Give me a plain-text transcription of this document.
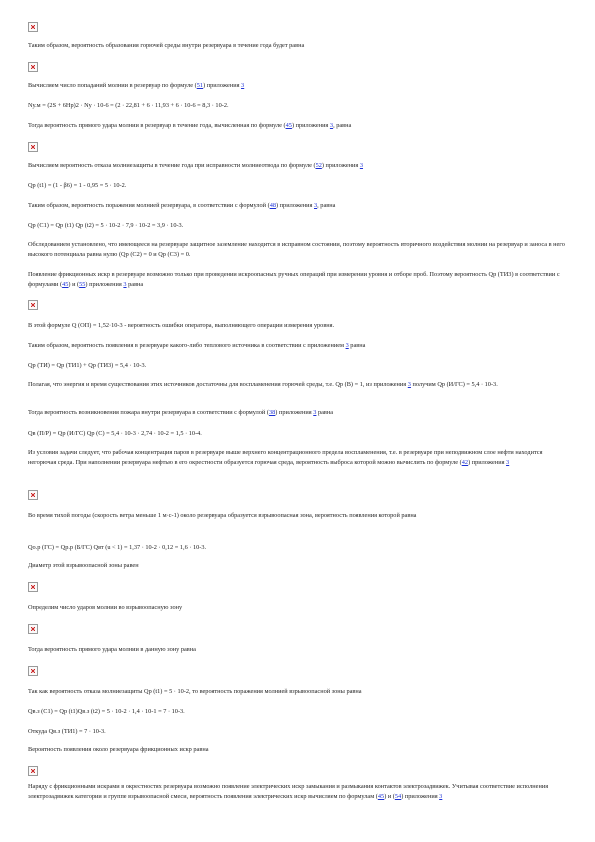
Таким образом, вероятность образования горючей среды внутри резервуара в течение года будет равна
Вычисляем число попаданий молнии в резервуар по формуле (51) приложения 3
Nу.м = (2S + 6Hр)2 · Nу · 10-6 = (2 · 22,81 + 6 · 11,93 + 6 · 10-6 = 8,3 · 10-2.
Тогда вероятность прямого удара молнии в резервуар в течение года, вычисленная по формуле (45) приложения 3, равна
Вычисляем вероятность отказа молниезащиты в течение года при исправности молниеотвода по формуле (52) приложения 3
Qр (t1) = (1 - β6) = 1 - 0,95 = 5 · 10-2.
Таким образом, вероятность поражения молнией резервуара, в соответствии с формулой (48) приложения 3, равна
Qр (С1) = Qр (t1) Qр (t2) = 5 · 10-2 · 7,9 · 10-2 = 3,9 · 10-3.
Обследованием установлено, что имеющееся на резервуаре защитное заземление находится в исправном состоянии, поэтому вероятность вторичного воздействия молнии на резервуар и заноса в него высокого потенциала равна нулю (Qр (С2) = 0 и Qр (С3) = 0.
Появление фрикционных искр в резервуаре возможно только при проведении искроопасных ручных операций при измерении уровня и отборе проб. Поэтому вероятность Qр (ТИ3) в соответствии с формулами (45) и (55) приложения 3 равна
В этой формуле Q (ОП) = 1,52·10-3 - вероятность ошибки оператора, выполняющего операции измерения уровня.
Таким образом, вероятность появления в резервуаре какого-либо теплового источника в соответствии с приложением 3 равна
Qр (ТИ) = Qр (ТИ1) + Qр (ТИ3) = 5,4 · 10-3.
Полагая, что энергия и время существования этих источников достаточны для воспламенения горючей среды, т.е. Qр (В) = 1, из приложения 3 получим Qр (И/ГС) = 5,4 · 10-3.
Тогда вероятность возникновения пожара внутри резервуара в соответствии с формулой (38) приложения 3 равна
Qв (П/Р) = Qр (И/ГС) Qр (С) = 5,4 · 10-3 · 2,74 · 10-2 = 1,5 · 10-4.
Из условия задачи следует, что рабочая концентрация паров в резервуаре выше верхнего концентрационного предела воспламенения, т.е. в резервуаре при неподвижном слое нефти находится негорючая среда. При наполнении резервуара нефтью в его окрестности образуется горючая среда, вероятность выброса которой можно вычислить по формуле (42) приложения 3
Во время тихой погоды (скорость ветра меньше 1 м·с-1) около резервуара образуется взрывоопасная зона, вероятность появления которой равна
Qо.р (ГС) = Qр.р (Б/ГС) Qвт (u < 1) = 1,37 · 10-2 · 0,12 = 1,6 · 10-3.
Диаметр этой взрывоопасной зоны равен
Определим число ударов молнии во взрывоопасную зону
Тогда вероятность прямого удара молнии в данную зону равна
Так как вероятность отказа молниезащиты Qр (t1) = 5 · 10-2, то вероятность поражения молнией взрывоопасной зоны равна
Qв.з (С1) = Qр (t1)Qв.з (t2) = 5 · 10-2 · 1,4 · 10-1 = 7 · 10-3.
Откуда Qв.з (ТИ1) = 7 · 10-3.
Вероятность появления около резервуара фрикционных искр равна
Наряду с фрикционными искрами в окрестностях резервуара возможно появление электрических искр замыкания и размыкания контактов электрозадвижек. Учитывая соответствие исполнения электрозадвижек категории и группе взрывоопасной смеси, вероятность появления электрических искр вычисляем по формулам (45) и (54) приложения 3
